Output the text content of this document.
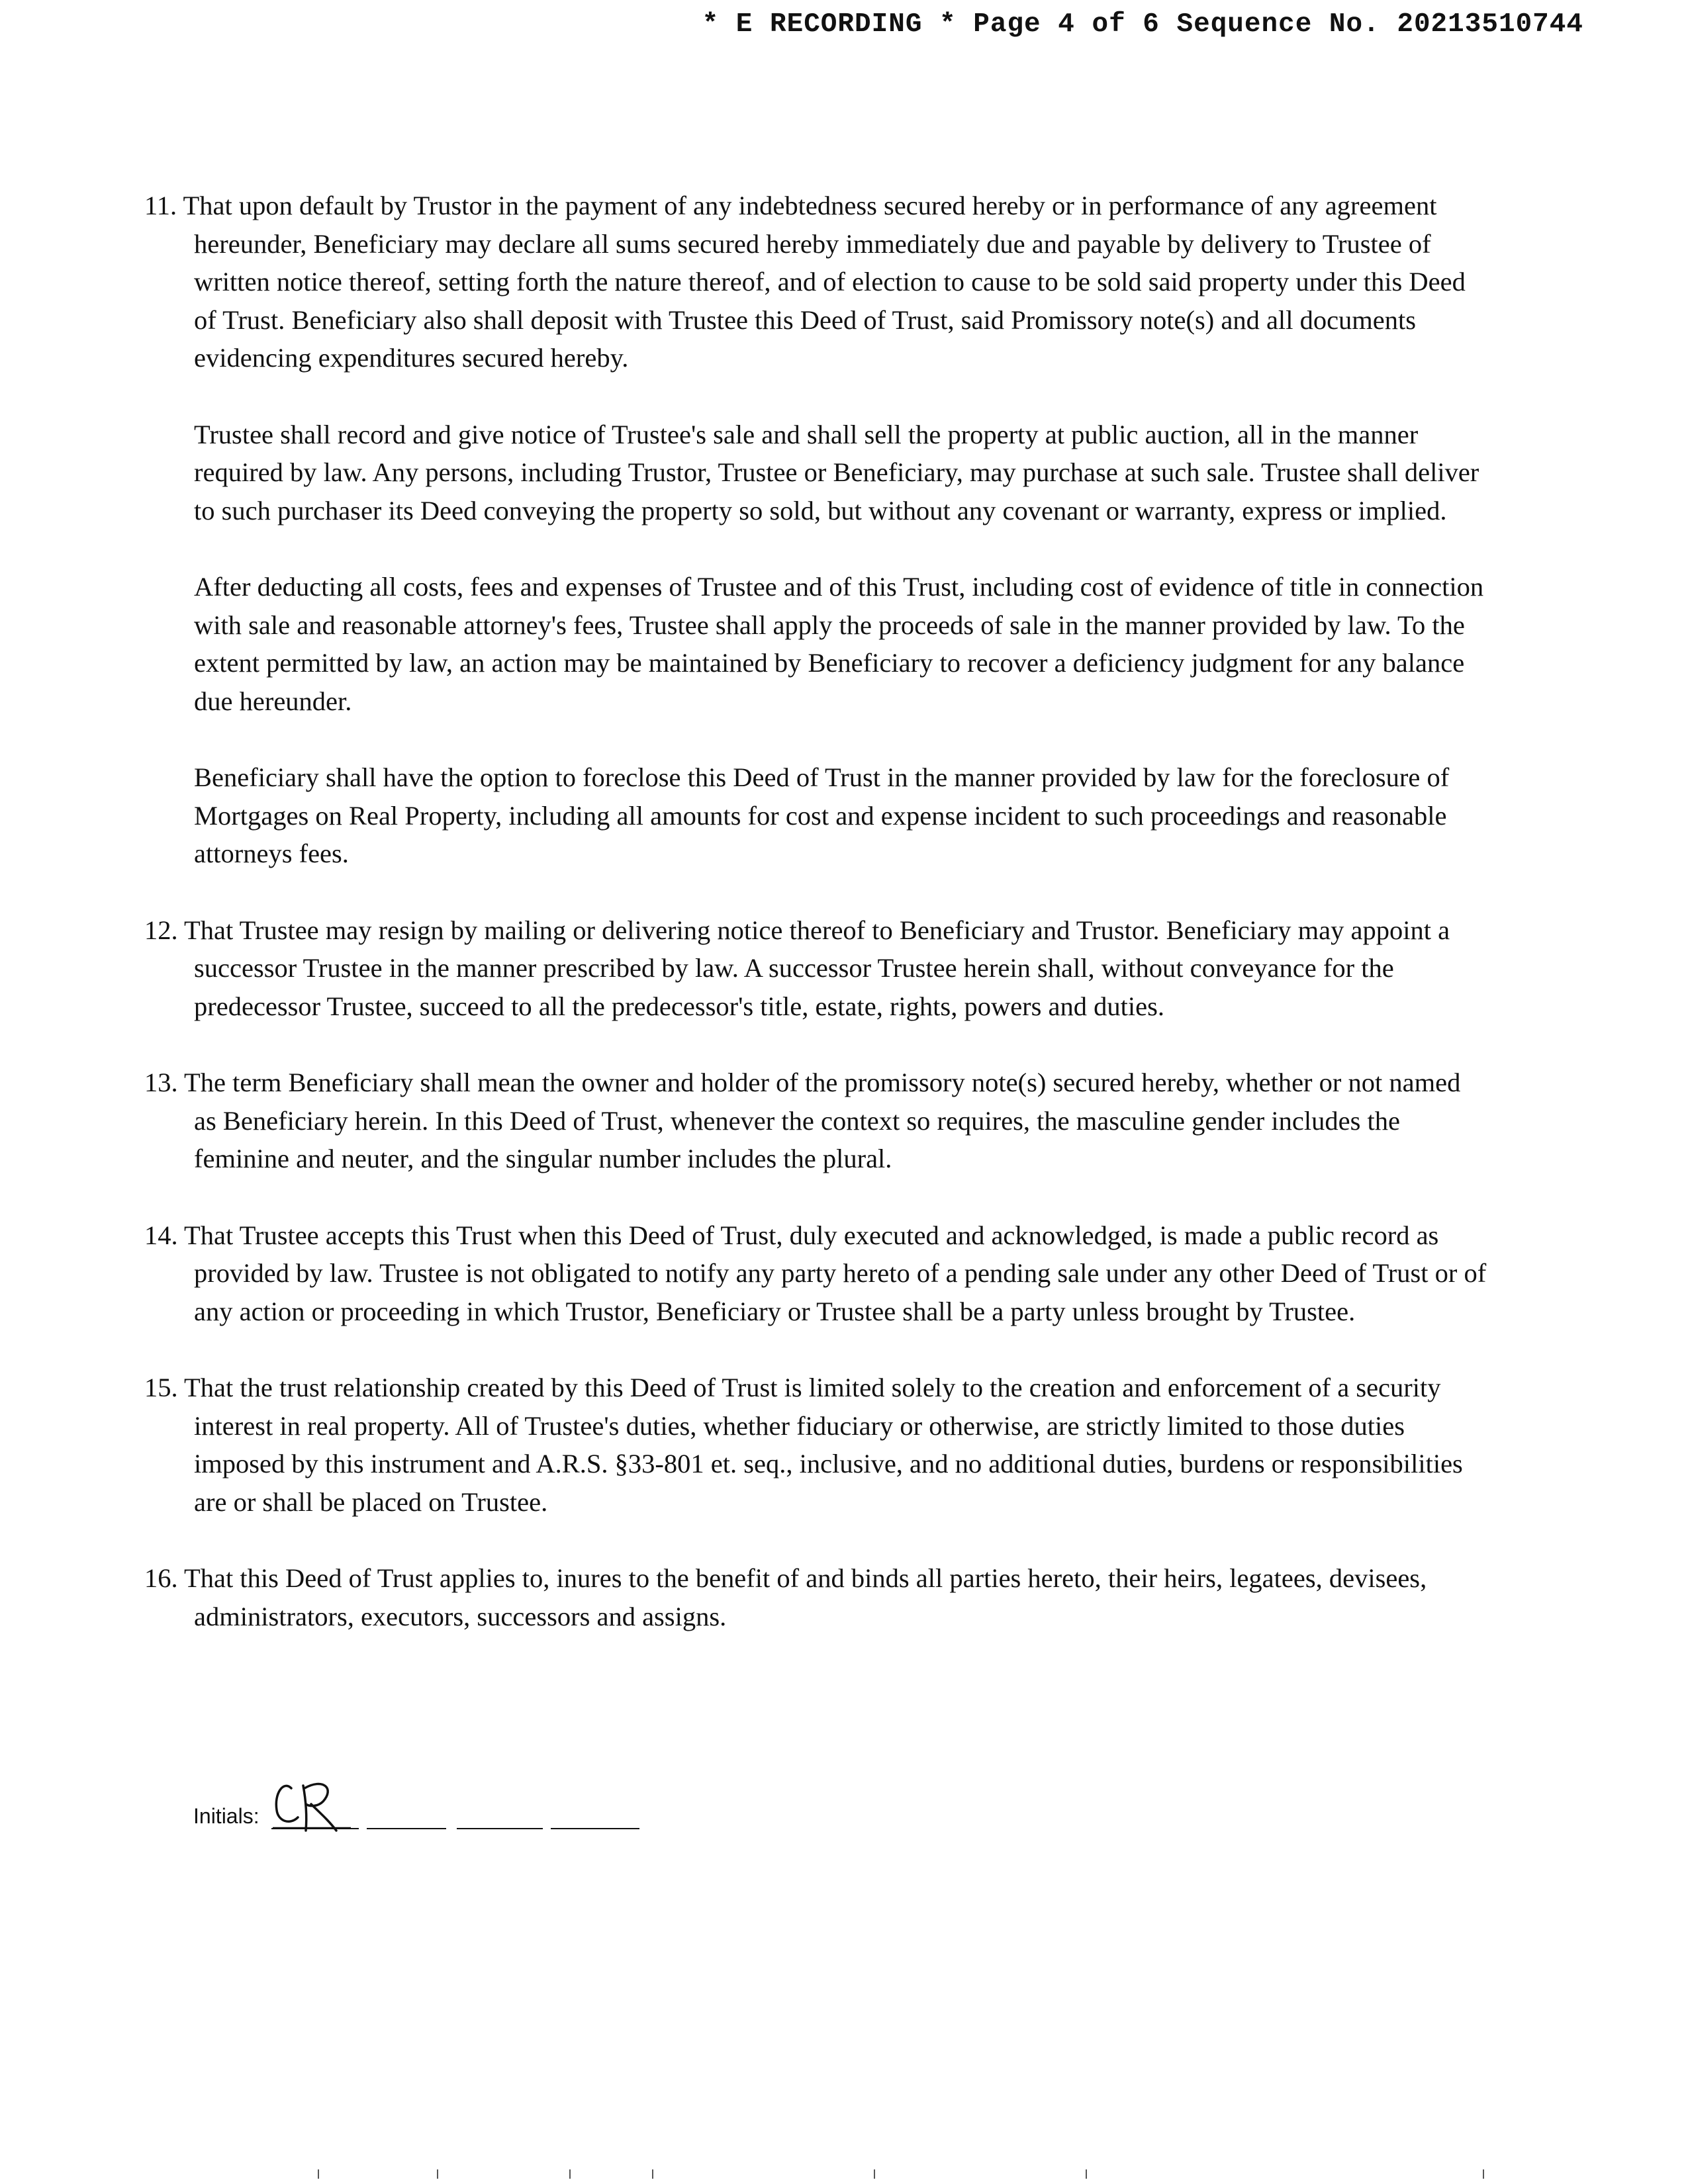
* E RECORDING * Page 4 of 6 Sequence No. 20213510744
11. That upon default by Trustor in the payment of any indebtedness secured hereby or in performance of any agreement hereunder, Beneficiary may declare all sums secured hereby immediately due and payable by delivery to Trustee of written notice thereof, setting forth the nature thereof, and of election to cause to be sold said property under this Deed of Trust. Beneficiary also shall deposit with Trustee this Deed of Trust, said Promissory note(s) and all documents evidencing expenditures secured hereby.
Trustee shall record and give notice of Trustee's sale and shall sell the property at public auction, all in the manner required by law. Any persons, including Trustor, Trustee or Beneficiary, may purchase at such sale. Trustee shall deliver to such purchaser its Deed conveying the property so sold, but without any covenant or warranty, express or implied.
After deducting all costs, fees and expenses of Trustee and of this Trust, including cost of evidence of title in connection with sale and reasonable attorney's fees, Trustee shall apply the proceeds of sale in the manner provided by law. To the extent permitted by law, an action may be maintained by Beneficiary to recover a deficiency judgment for any balance due hereunder.
Beneficiary shall have the option to foreclose this Deed of Trust in the manner provided by law for the foreclosure of Mortgages on Real Property, including all amounts for cost and expense incident to such proceedings and reasonable attorneys fees.
12. That Trustee may resign by mailing or delivering notice thereof to Beneficiary and Trustor. Beneficiary may appoint a successor Trustee in the manner prescribed by law. A successor Trustee herein shall, without conveyance for the predecessor Trustee, succeed to all the predecessor's title, estate, rights, powers and duties.
13. The term Beneficiary shall mean the owner and holder of the promissory note(s) secured hereby, whether or not named as Beneficiary herein. In this Deed of Trust, whenever the context so requires, the masculine gender includes the feminine and neuter, and the singular number includes the plural.
14. That Trustee accepts this Trust when this Deed of Trust, duly executed and acknowledged, is made a public record as provided by law. Trustee is not obligated to notify any party hereto of a pending sale under any other Deed of Trust or of any action or proceeding in which Trustor, Beneficiary or Trustee shall be a party unless brought by Trustee.
15. That the trust relationship created by this Deed of Trust is limited solely to the creation and enforcement of a security interest in real property. All of Trustee's duties, whether fiduciary or otherwise, are strictly limited to those duties imposed by this instrument and A.R.S. §33-801 et. seq., inclusive, and no additional duties, burdens or responsibilities are or shall be placed on Trustee.
16. That this Deed of Trust applies to, inures to the benefit of and binds all parties hereto, their heirs, legatees, devisees, administrators, executors, successors and assigns.
Initials:
